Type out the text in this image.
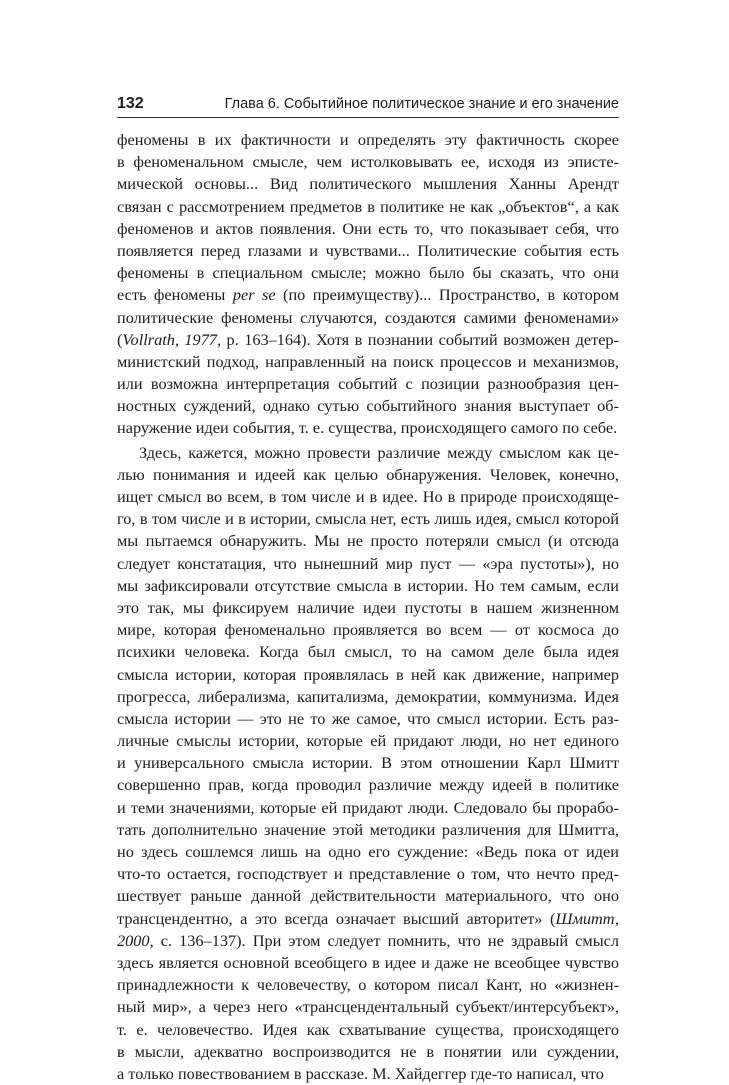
132	Глава 6. Событийное политическое знание и его значение
феномены в их фактичности и определять эту фактичность скорее
в феноменальном смысле, чем истолковывать ее, исходя из эписте-
мической основы... Вид политического мышления Ханны Арендт
связан с рассмотрением предметов в политике не как „объектов“, а как
феноменов и актов появления. Они есть то, что показывает себя, что
появляется перед глазами и чувствами... Политические события есть
феномены в специальном смысле; можно было бы сказать, что они
есть феномены per se (по преимуществу)... Пространство, в котором
политические феномены случаются, создаются самими феноменами»
(Vollrath, 1977, р. 163–164). Хотя в познании событий возможен детер-
министский подход, направленный на поиск процессов и механизмов,
или возможна интерпретация событий с позиции разнообразия цен-
ностных суждений, однако сутью событийного знания выступает об-
наружение идеи события, т. е. существа, происходящего самого по себе.
Здесь, кажется, можно провести различие между смыслом как це-
лью понимания и идеей как целью обнаружения. Человек, конечно,
ищет смысл во всем, в том числе и в идее. Но в природе происходяще-
го, в том числе и в истории, смысла нет, есть лишь идея, смысл которой
мы пытаемся обнаружить. Мы не просто потеряли смысл (и отсюда
следует констатация, что нынешний мир пуст — «эра пустоты»), но
мы зафиксировали отсутствие смысла в истории. Но тем самым, если
это так, мы фиксируем наличие идеи пустоты в нашем жизненном
мире, которая феноменально проявляется во всем — от космоса до
психики человека. Когда был смысл, то на самом деле была идея
смысла истории, которая проявлялась в ней как движение, например
прогресса, либерализма, капитализма, демократии, коммунизма. Идея
смысла истории — это не то же самое, что смысл истории. Есть раз-
личные смыслы истории, которые ей придают люди, но нет единого
и универсального смысла истории. В этом отношении Карл Шмитт
совершенно прав, когда проводил различие между идеей в политике
и теми значениями, которые ей придают люди. Следовало бы прорабо-
тать дополнительно значение этой методики различения для Шмитта,
но здесь сошлемся лишь на одно его суждение: «Ведь пока от идеи
что-то остается, господствует и представление о том, что нечто пред-
шествует раньше данной действительности материального, что оно
трансцендентно, а это всегда означает высший авторитет» (Шмитт,
2000, с. 136–137). При этом следует помнить, что не здравый смысл
здесь является основной всеобщего в идее и даже не всеобщее чувство
принадлежности к человечеству, о котором писал Кант, но «жизнен-
ный мир», а через него «трансцендентальный субъект/интерсубъект»,
т. е. человечество. Идея как схватывание существа, происходящего
в мысли, адекватно воспроизводится не в понятии или суждении,
а только повествованием в рассказе. М. Хайдеггер где-то написал, что
